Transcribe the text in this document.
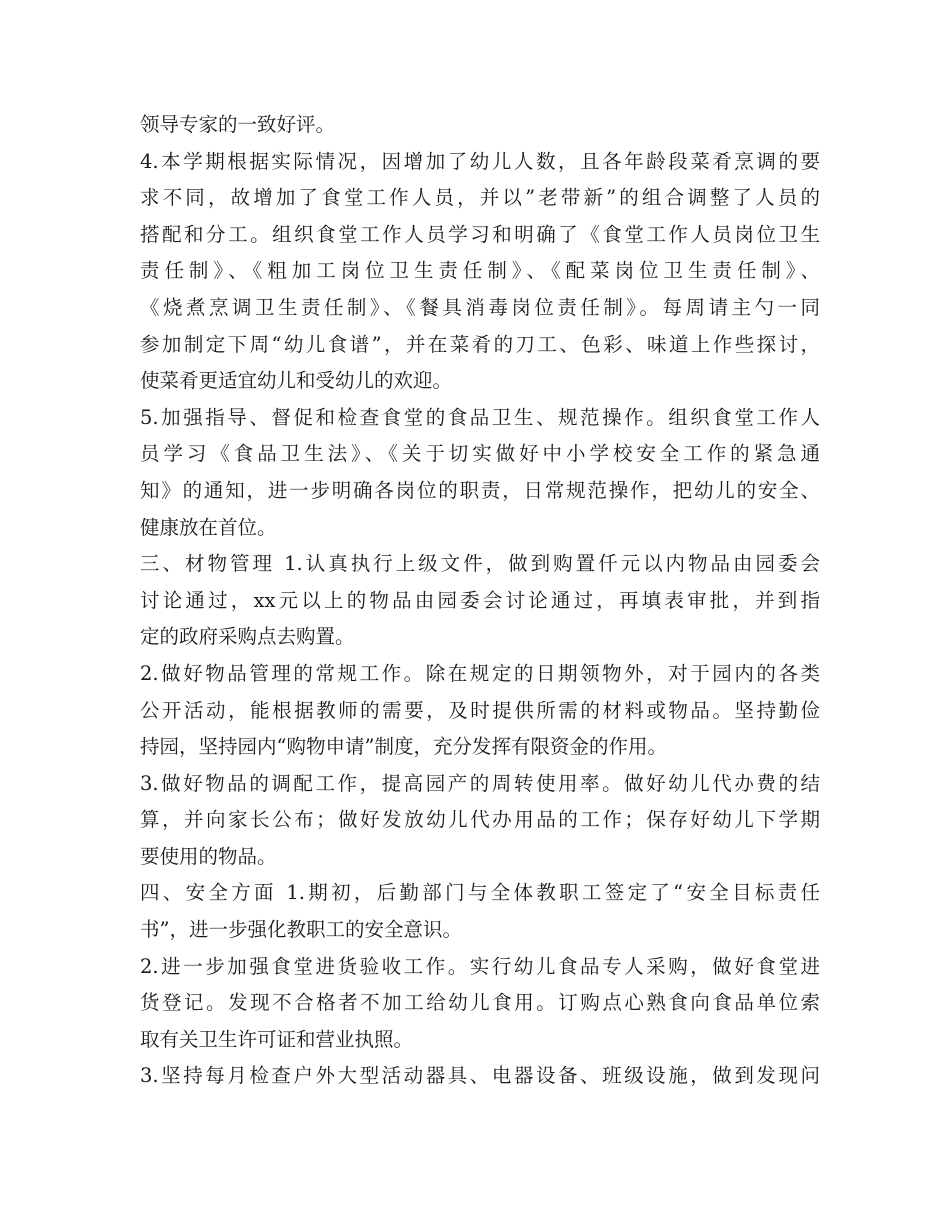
领导专家的一致好评。
4.本学期根据实际情况，因增加了幼儿人数，且各年龄段菜肴烹调的要
求不同，故增加了食堂工作人员，并以”老带新”的组合调整了人员的
搭配和分工。组织食堂工作人员学习和明确了《食堂工作人员岗位卫生
责任制》、《粗加工岗位卫生责任制》、《配菜岗位卫生责任制》、
《烧煮烹调卫生责任制》、《餐具消毒岗位责任制》。每周请主勺一同
参加制定下周“幼儿食谱”，并在菜肴的刀工、色彩、味道上作些探讨，
使菜肴更适宜幼儿和受幼儿的欢迎。
5.加强指导、督促和检查食堂的食品卫生、规范操作。组织食堂工作人
员学习《食品卫生法》、《关于切实做好中小学校安全工作的紧急通
知》的通知，进一步明确各岗位的职责，日常规范操作，把幼儿的安全、
健康放在首位。
三、材物管理 1.认真执行上级文件，做到购置仟元以内物品由园委会
讨论通过，xx元以上的物品由园委会讨论通过，再填表审批，并到指
定的政府采购点去购置。
2.做好物品管理的常规工作。除在规定的日期领物外，对于园内的各类
公开活动，能根据教师的需要，及时提供所需的材料或物品。坚持勤俭
持园，坚持园内“购物申请”制度，充分发挥有限资金的作用。
3.做好物品的调配工作，提高园产的周转使用率。做好幼儿代办费的结
算，并向家长公布；做好发放幼儿代办用品的工作；保存好幼儿下学期
要使用的物品。
四、安全方面 1.期初，后勤部门与全体教职工签定了“安全目标责任
书”，进一步强化教职工的安全意识。
2.进一步加强食堂进货验收工作。实行幼儿食品专人采购，做好食堂进
货登记。发现不合格者不加工给幼儿食用。订购点心熟食向食品单位索
取有关卫生许可证和营业执照。
3.坚持每月检查户外大型活动器具、电器设备、班级设施，做到发现问
